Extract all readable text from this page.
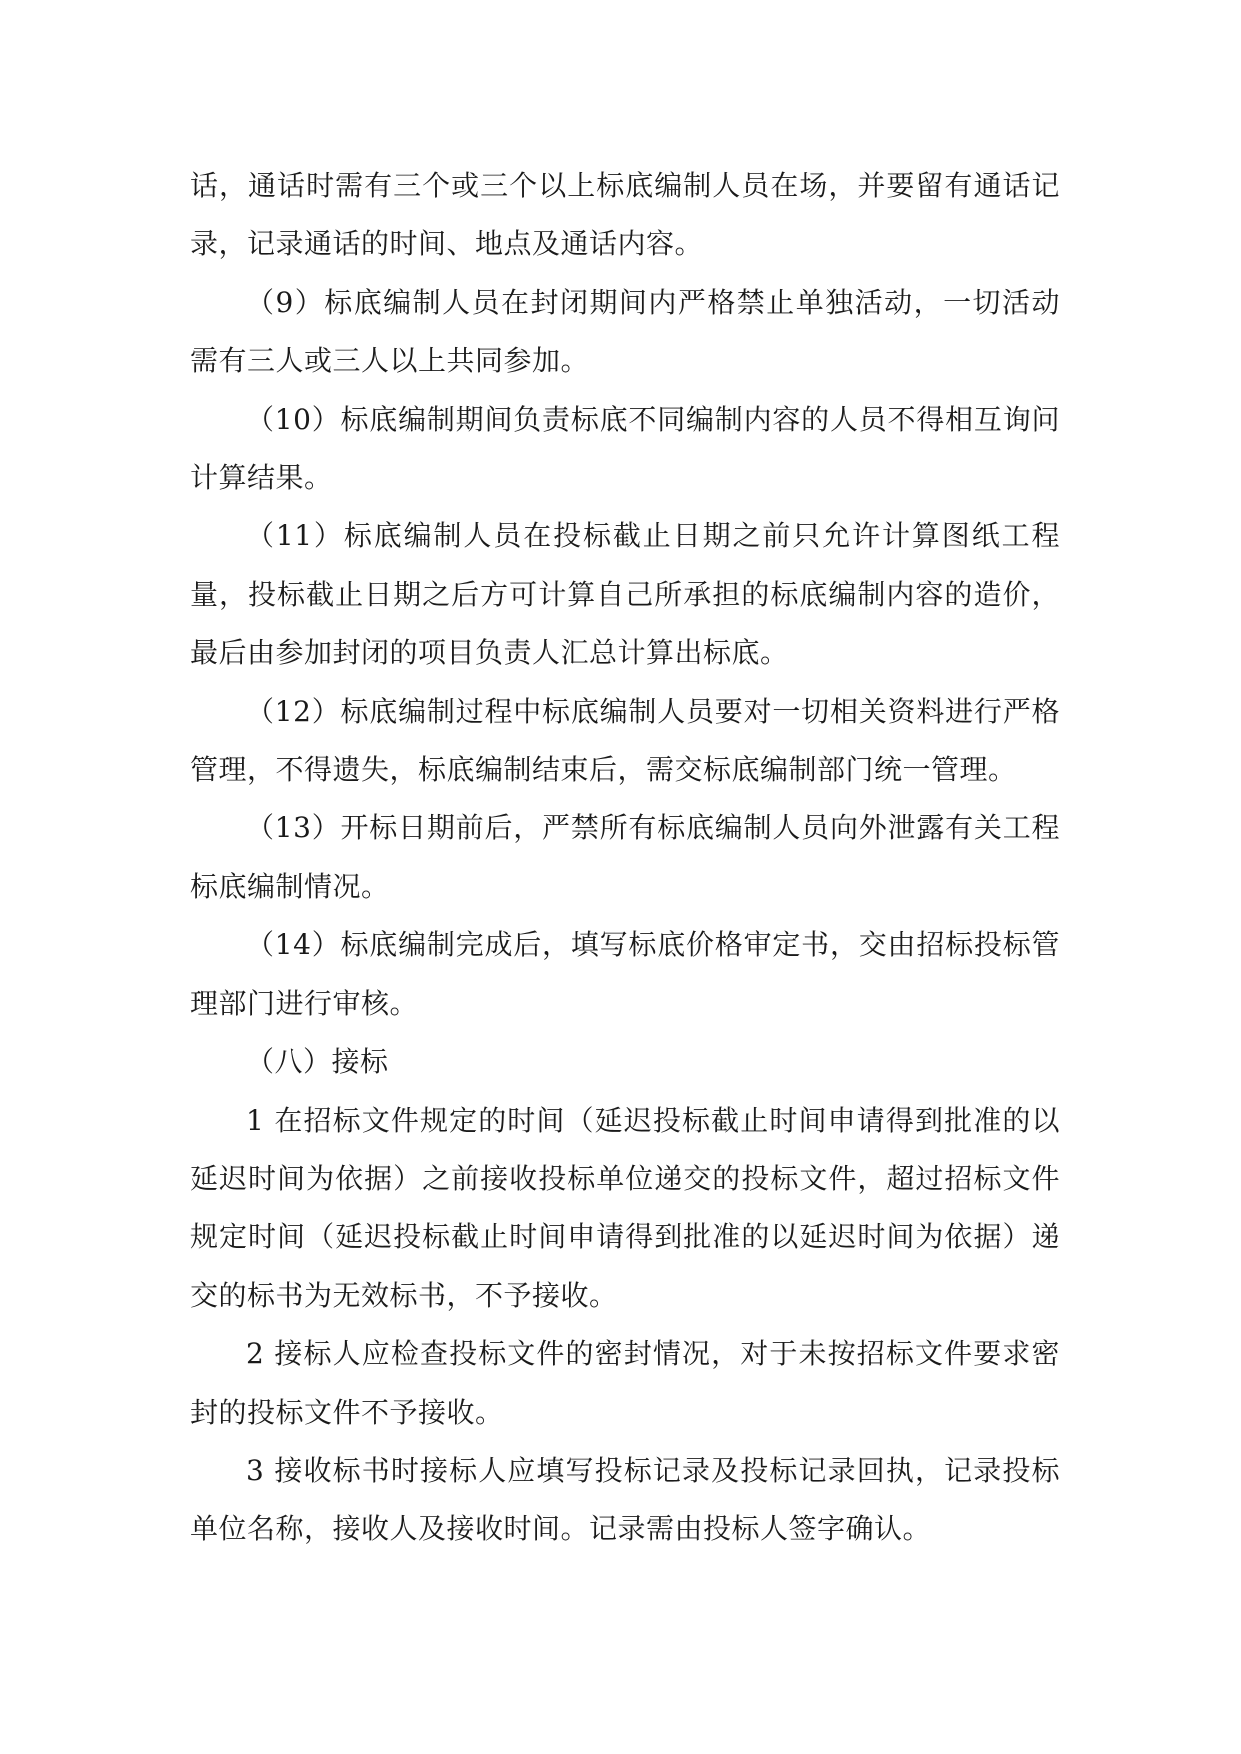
话，通话时需有三个或三个以上标底编制人员在场，并要留有通话记录，记录通话的时间、地点及通话内容。

（9）标底编制人员在封闭期间内严格禁止单独活动，一切活动需有三人或三人以上共同参加。

（10）标底编制期间负责标底不同编制内容的人员不得相互询问计算结果。

（11）标底编制人员在投标截止日期之前只允许计算图纸工程量，投标截止日期之后方可计算自己所承担的标底编制内容的造价，最后由参加封闭的项目负责人汇总计算出标底。

（12）标底编制过程中标底编制人员要对一切相关资料进行严格 管理，不得遗失，标底编制结束后，需交标底编制部门统一管理。

（13）开标日期前后，严禁所有标底编制人员向外泄露有关工程标底编制情况。

（14）标底编制完成后，填写标底价格审定书，交由招标投标管理部门进行审核。

（八）接标

1 在招标文件规定的时间（延迟投标截止时间申请得到批准的以延迟时间为依据）之前接收投标单位递交的投标文件，超过招标文件规定时间（延迟投标截止时间申请得到批准的以延迟时间为依据）递交的标书为无效标书，不予接收。

2 接标人应检查投标文件的密封情况，对于未按招标文件要求密封的投标文件不予接收。

3 接收标书时接标人应填写投标记录及投标记录回执，记录投标单位名称，接收人及接收时间。记录需由投标人签字确认。
